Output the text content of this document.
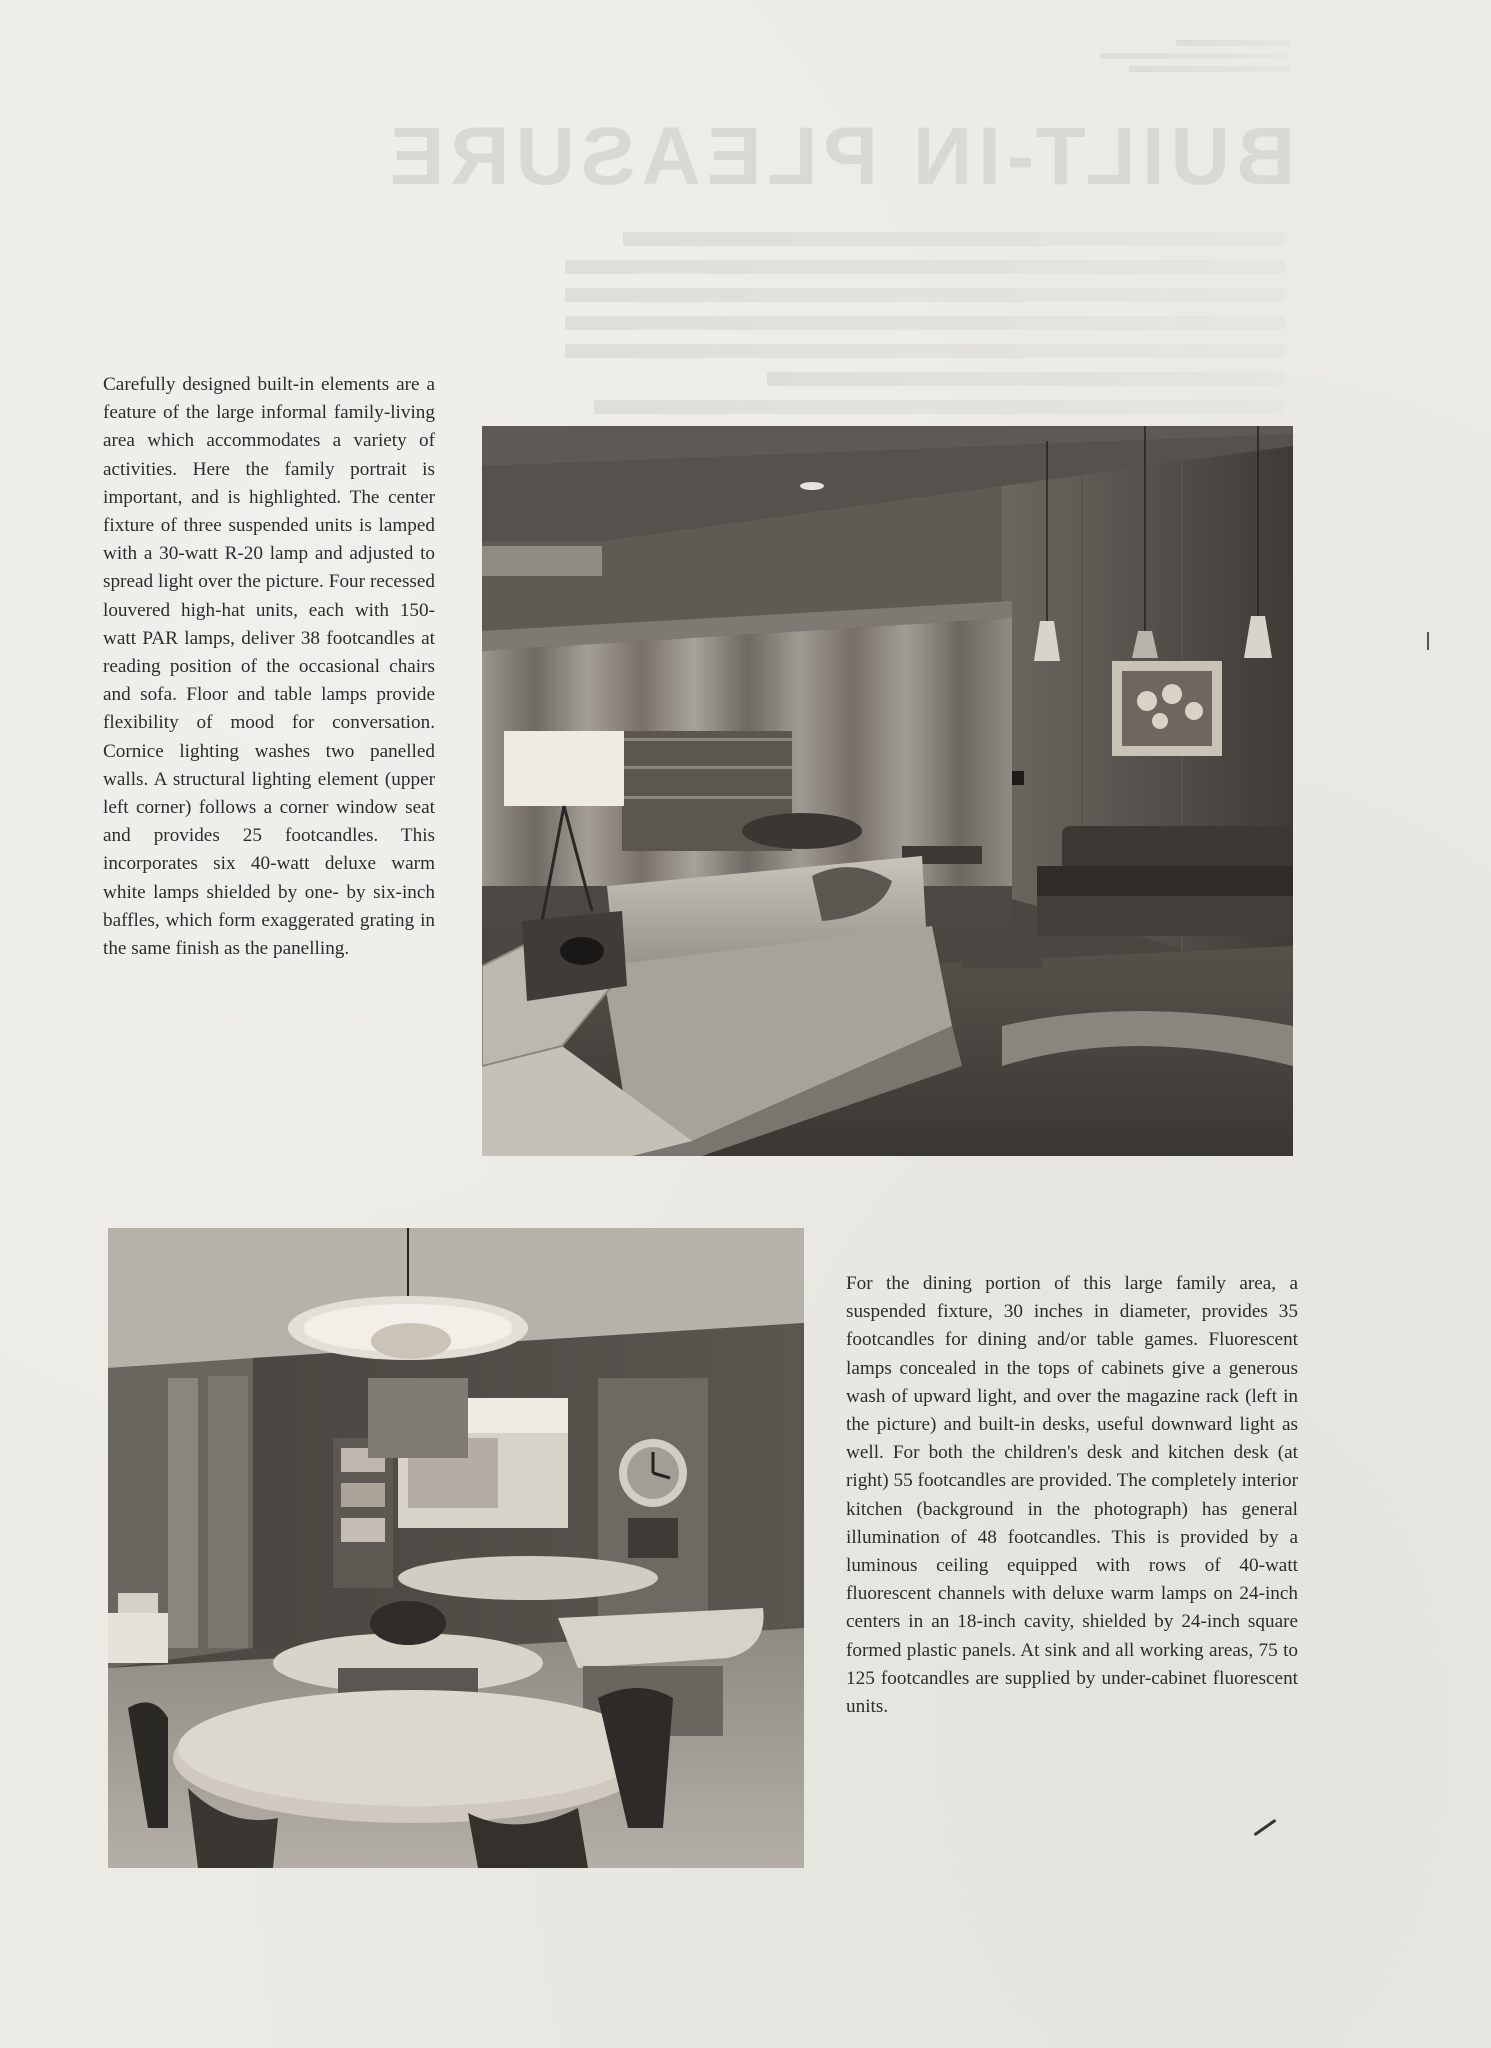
BUILT-IN PLEASURE

Carefully designed built-in elements are a feature of the large informal family-living area which accommodates a variety of activities. Here the family portrait is important, and is highlighted. The center fixture of three suspended units is lamped with a 30-watt R-20 lamp and adjusted to spread light over the picture. Four recessed louvered high-hat units, each with 150-watt PAR lamps, deliver 38 footcandles at reading position of the occasional chairs and sofa. Floor and table lamps provide flexibility of mood for conversation. Cornice lighting washes two panelled walls. A structural lighting element (upper left corner) follows a corner window seat and provides 25 footcandles. This incorporates six 40-watt deluxe warm white lamps shielded by one- by six-inch baffles, which form exaggerated grating in the same finish as the panelling.

For the dining portion of this large family area, a suspended fixture, 30 inches in diameter, provides 35 footcandles for dining and/or table games. Fluorescent lamps concealed in the tops of cabinets give a generous wash of upward light, and over the magazine rack (left in the picture) and built-in desks, useful downward light as well. For both the children's desk and kitchen desk (at right) 55 footcandles are provided. The completely interior kitchen (background in the photograph) has general illumination of 48 footcandles. This is provided by a luminous ceiling equipped with rows of 40-watt fluorescent channels with deluxe warm lamps on 24-inch centers in an 18-inch cavity, shielded by 24-inch square formed plastic panels. At sink and all working areas, 75 to 125 footcandles are supplied by under-cabinet fluorescent units.
